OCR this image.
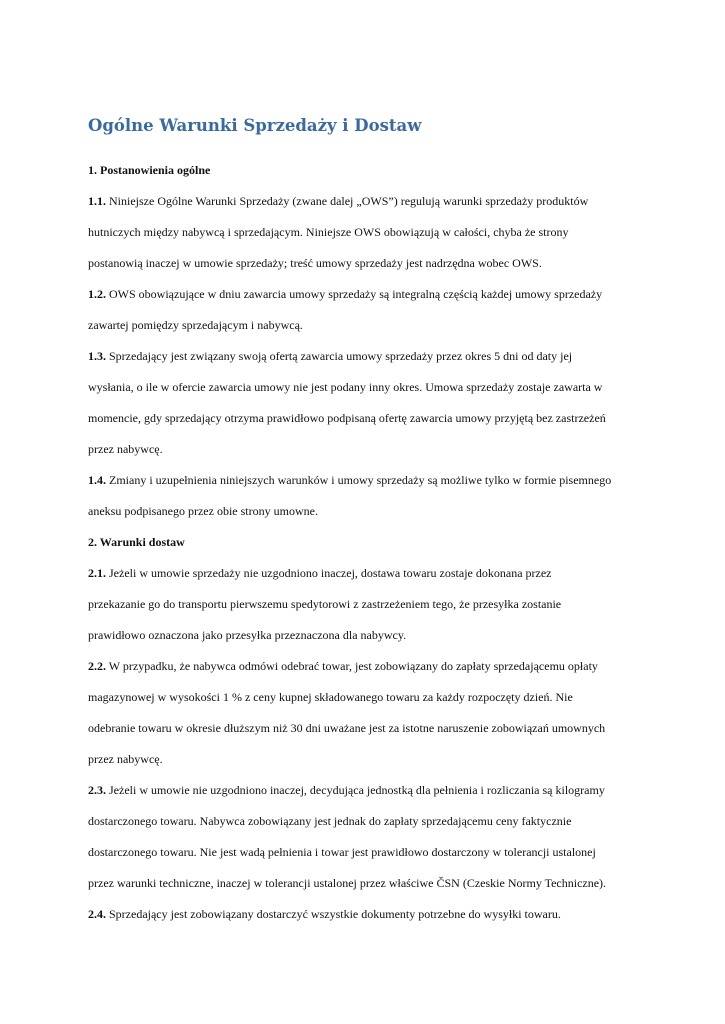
Ogólne Warunki Sprzedaży i Dostaw
1. Postanowienia ogólne
1.1. Niniejsze Ogólne Warunki Sprzedaży (zwane dalej „OWS”) regulują warunki sprzedaży produktów
hutniczych między nabywcą i sprzedającym. Niniejsze OWS obowiązują w całości, chyba że strony
postanowią inaczej w umowie sprzedaży; treść umowy sprzedaży jest nadrzędna wobec OWS.
1.2. OWS obowiązujące w dniu zawarcia umowy sprzedaży są integralną częścią każdej umowy sprzedaży
zawartej pomiędzy sprzedającym i nabywcą.
1.3. Sprzedający jest związany swoją ofertą zawarcia umowy sprzedaży przez okres 5 dni od daty jej
wysłania, o ile w ofercie zawarcia umowy nie jest podany inny okres. Umowa sprzedaży zostaje zawarta w
momencie, gdy sprzedający otrzyma prawidłowo podpisaną ofertę zawarcia umowy przyjętą bez zastrzeżeń
przez nabywcę.
1.4. Zmiany i uzupełnienia niniejszych warunków i umowy sprzedaży są możliwe tylko w formie pisemnego
aneksu podpisanego przez obie strony umowne.
2. Warunki dostaw
2.1. Jeżeli w umowie sprzedaży nie uzgodniono inaczej, dostawa towaru zostaje dokonana przez
przekazanie go do transportu pierwszemu spedytorowi z zastrzeżeniem tego, że przesyłka zostanie
prawidłowo oznaczona jako przesyłka przeznaczona dla nabywcy.
2.2. W przypadku, że nabywca odmówi odebrać towar, jest zobowiązany do zapłaty sprzedającemu opłaty
magazynowej w wysokości 1 % z ceny kupnej składowanego towaru za każdy rozpoczęty dzień. Nie
odebranie towaru w okresie dłuższym niż 30 dni uważane jest za istotne naruszenie zobowiązań umownych
przez nabywcę.
2.3. Jeżeli w umowie nie uzgodniono inaczej, decydująca jednostką dla pełnienia i rozliczania są kilogramy
dostarczonego towaru. Nabywca zobowiązany jest jednak do zapłaty sprzedającemu ceny faktycznie
dostarczonego towaru. Nie jest wadą pełnienia i towar jest prawidłowo dostarczony w tolerancji ustalonej
przez warunki techniczne, inaczej w tolerancji ustalonej przez właściwe ČSN (Czeskie Normy Techniczne).
2.4. Sprzedający jest zobowiązany dostarczyć wszystkie dokumenty potrzebne do wysyłki towaru.
